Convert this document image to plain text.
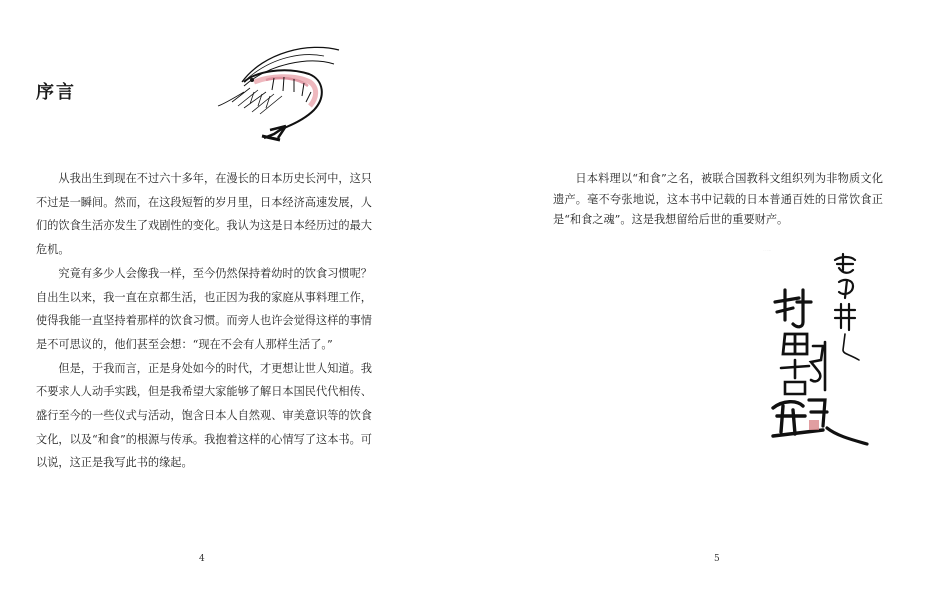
序言

从我出生到现在不过六十多年，在漫长的日本历史长河中，这只不过是一瞬间。然而，在这段短暂的岁月里，日本经济高速发展，人们的饮食生活亦发生了戏剧性的变化。我认为这是日本经历过的最大危机。

究竟有多少人会像我一样，至今仍然保持着幼时的饮食习惯呢？自出生以来，我一直在京都生活，也正因为我的家庭从事料理工作，使得我能一直坚持着那样的饮食习惯。而旁人也许会觉得这样的事情是不可思议的，他们甚至会想：“现在不会有人那样生活了。”

但是，于我而言，正是身处如今的时代，才更想让世人知道。我不要求人人动手实践，但是我希望大家能够了解日本国民代代相传、盛行至今的一些仪式与活动，饱含日本人自然观、审美意识等的饮食文化，以及“和食”的根源与传承。我抱着这样的心情写了这本书。可以说，这正是我写此书的缘起。

4

日本料理以“和食”之名，被联合国教科文组织列为非物质文化遗产。毫不夸张地说，这本书中记载的日本普通百姓的日常饮食正是“和食之魂”。这是我想留给后世的重要财产。

5
